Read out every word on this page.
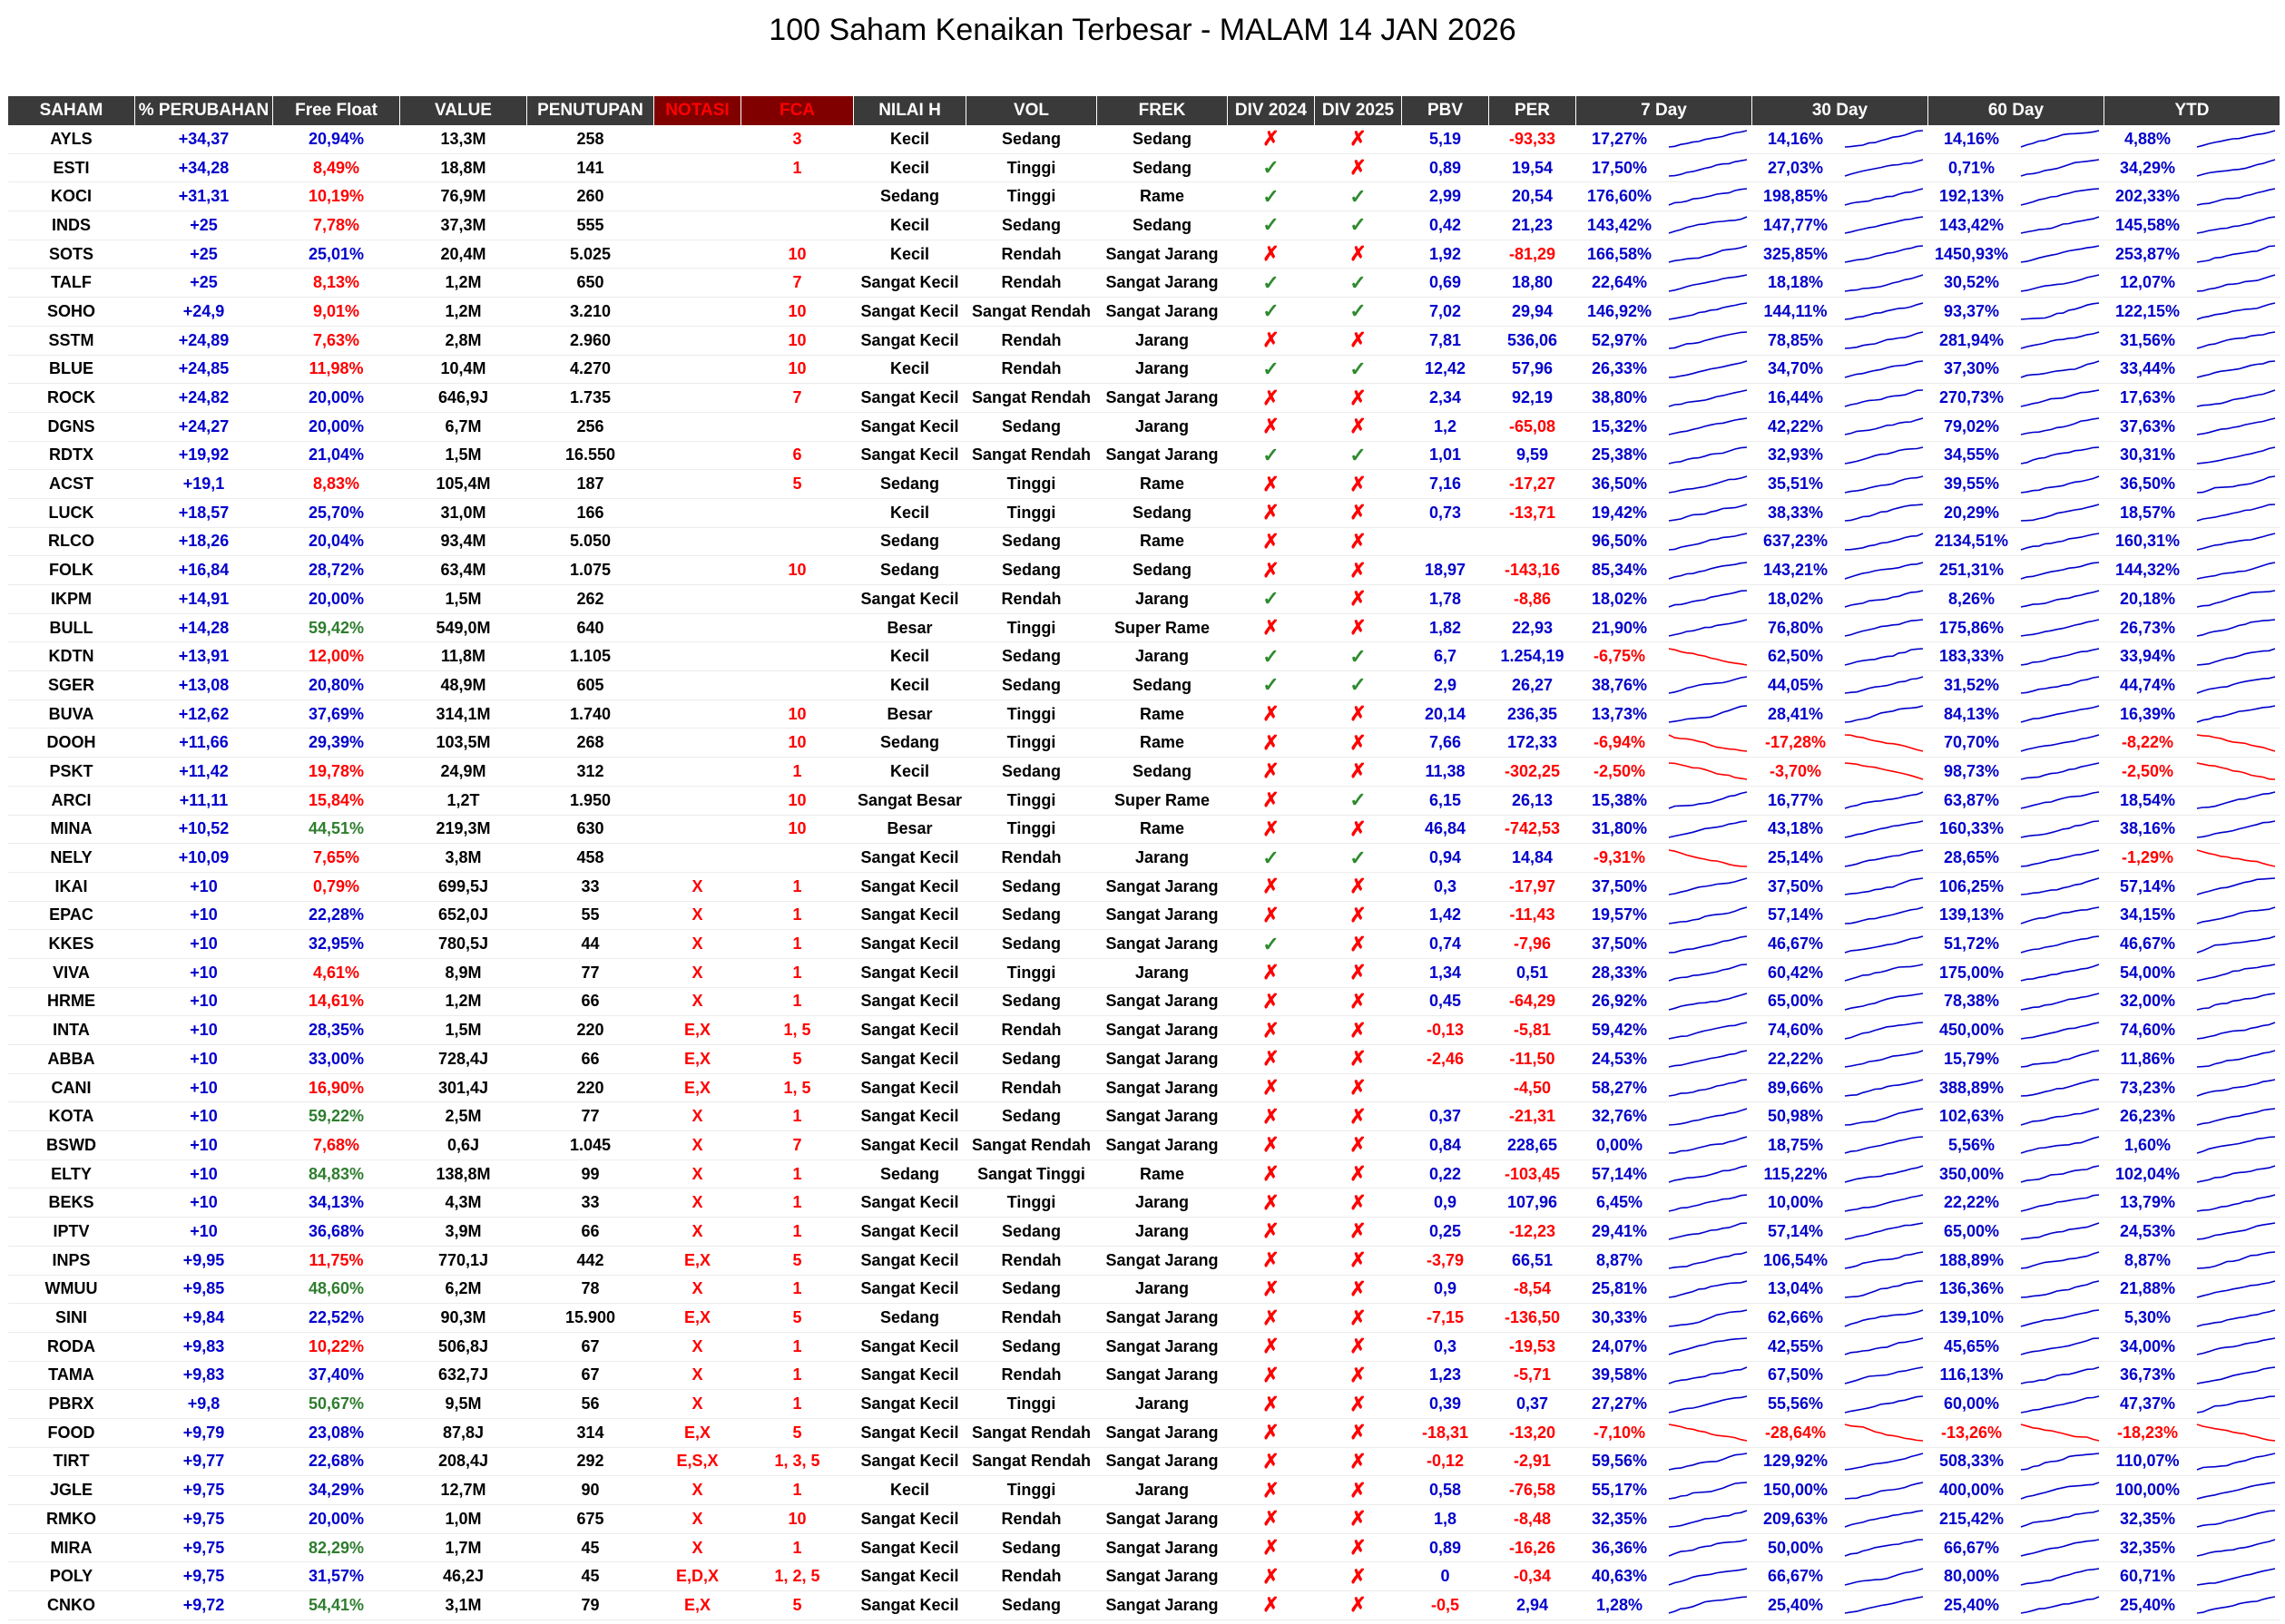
100 Saham Kenaikan Terbesar - MALAM 14 JAN 2026
SAHAM	% PERUBAHAN	Free Float	VALUE	PENUTUPAN	NOTASI	FCA	NILAI H	VOL	FREK	DIV 2024	DIV 2025	PBV	PER	7 Day		30 Day		60 Day		YTD	
AYLS	+34,37	20,94%	13,3M	258		3	Kecil	Sedang	Sedang	✗	✗	5,19	-93,33	17,27%		14,16%		14,16%		4,88%	

ESTI	+34,28	8,49%	18,8M	141		1	Kecil	Tinggi	Sedang	✓	✗	0,89	19,54	17,50%		27,03%		0,71%		34,29%	

KOCI	+31,31	10,19%	76,9M	260			Sedang	Tinggi	Rame	✓	✓	2,99	20,54	176,60%		198,85%		192,13%		202,33%	

INDS	+25	7,78%	37,3M	555			Kecil	Sedang	Sedang	✓	✓	0,42	21,23	143,42%		147,77%		143,42%		145,58%	

SOTS	+25	25,01%	20,4M	5.025		10	Kecil	Rendah	Sangat Jarang	✗	✗	1,92	-81,29	166,58%		325,85%		1450,93%		253,87%	

TALF	+25	8,13%	1,2M	650		7	Sangat Kecil	Rendah	Sangat Jarang	✓	✓	0,69	18,80	22,64%		18,18%		30,52%		12,07%	

SOHO	+24,9	9,01%	1,2M	3.210		10	Sangat Kecil	Sangat Rendah	Sangat Jarang	✓	✓	7,02	29,94	146,92%		144,11%		93,37%		122,15%	

SSTM	+24,89	7,63%	2,8M	2.960		10	Sangat Kecil	Rendah	Jarang	✗	✗	7,81	536,06	52,97%		78,85%		281,94%		31,56%	

BLUE	+24,85	11,98%	10,4M	4.270		10	Kecil	Rendah	Jarang	✓	✓	12,42	57,96	26,33%		34,70%		37,30%		33,44%	

ROCK	+24,82	20,00%	646,9J	1.735		7	Sangat Kecil	Sangat Rendah	Sangat Jarang	✗	✗	2,34	92,19	38,80%		16,44%		270,73%		17,63%	

DGNS	+24,27	20,00%	6,7M	256			Sangat Kecil	Sedang	Jarang	✗	✗	1,2	-65,08	15,32%		42,22%		79,02%		37,63%	

RDTX	+19,92	21,04%	1,5M	16.550		6	Sangat Kecil	Sangat Rendah	Sangat Jarang	✓	✓	1,01	9,59	25,38%		32,93%		34,55%		30,31%	

ACST	+19,1	8,83%	105,4M	187		5	Sedang	Tinggi	Rame	✗	✗	7,16	-17,27	36,50%		35,51%		39,55%		36,50%	

LUCK	+18,57	25,70%	31,0M	166			Kecil	Tinggi	Sedang	✗	✗	0,73	-13,71	19,42%		38,33%		20,29%		18,57%	

RLCO	+18,26	20,04%	93,4M	5.050			Sedang	Sedang	Rame	✗	✗			96,50%		637,23%		2134,51%		160,31%	

FOLK	+16,84	28,72%	63,4M	1.075		10	Sedang	Sedang	Sedang	✗	✗	18,97	-143,16	85,34%		143,21%		251,31%		144,32%	

IKPM	+14,91	20,00%	1,5M	262			Sangat Kecil	Rendah	Jarang	✓	✗	1,78	-8,86	18,02%		18,02%		8,26%		20,18%	

BULL	+14,28	59,42%	549,0M	640			Besar	Tinggi	Super Rame	✗	✗	1,82	22,93	21,90%		76,80%		175,86%		26,73%	

KDTN	+13,91	12,00%	11,8M	1.105			Kecil	Sedang	Jarang	✓	✓	6,7	1.254,19	-6,75%		62,50%		183,33%		33,94%	

SGER	+13,08	20,80%	48,9M	605			Kecil	Sedang	Sedang	✓	✓	2,9	26,27	38,76%		44,05%		31,52%		44,74%	

BUVA	+12,62	37,69%	314,1M	1.740		10	Besar	Tinggi	Rame	✗	✗	20,14	236,35	13,73%		28,41%		84,13%		16,39%	

DOOH	+11,66	29,39%	103,5M	268		10	Sedang	Tinggi	Rame	✗	✗	7,66	172,33	-6,94%		-17,28%		70,70%		-8,22%	

PSKT	+11,42	19,78%	24,9M	312		1	Kecil	Sedang	Sedang	✗	✗	11,38	-302,25	-2,50%		-3,70%		98,73%		-2,50%	

ARCI	+11,11	15,84%	1,2T	1.950		10	Sangat Besar	Tinggi	Super Rame	✗	✓	6,15	26,13	15,38%		16,77%		63,87%		18,54%	

MINA	+10,52	44,51%	219,3M	630		10	Besar	Tinggi	Rame	✗	✗	46,84	-742,53	31,80%		43,18%		160,33%		38,16%	

NELY	+10,09	7,65%	3,8M	458			Sangat Kecil	Rendah	Jarang	✓	✓	0,94	14,84	-9,31%		25,14%		28,65%		-1,29%	

IKAI	+10	0,79%	699,5J	33	X	1	Sangat Kecil	Sedang	Sangat Jarang	✗	✗	0,3	-17,97	37,50%		37,50%		106,25%		57,14%	

EPAC	+10	22,28%	652,0J	55	X	1	Sangat Kecil	Sedang	Sangat Jarang	✗	✗	1,42	-11,43	19,57%		57,14%		139,13%		34,15%	

KKES	+10	32,95%	780,5J	44	X	1	Sangat Kecil	Sedang	Sangat Jarang	✓	✗	0,74	-7,96	37,50%		46,67%		51,72%		46,67%	

VIVA	+10	4,61%	8,9M	77	X	1	Sangat Kecil	Tinggi	Jarang	✗	✗	1,34	0,51	28,33%		60,42%		175,00%		54,00%	

HRME	+10	14,61%	1,2M	66	X	1	Sangat Kecil	Sedang	Sangat Jarang	✗	✗	0,45	-64,29	26,92%		65,00%		78,38%		32,00%	

INTA	+10	28,35%	1,5M	220	E,X	1, 5	Sangat Kecil	Rendah	Sangat Jarang	✗	✗	-0,13	-5,81	59,42%		74,60%		450,00%		74,60%	

ABBA	+10	33,00%	728,4J	66	E,X	5	Sangat Kecil	Sedang	Sangat Jarang	✗	✗	-2,46	-11,50	24,53%		22,22%		15,79%		11,86%	

CANI	+10	16,90%	301,4J	220	E,X	1, 5	Sangat Kecil	Rendah	Sangat Jarang	✗	✗		-4,50	58,27%		89,66%		388,89%		73,23%	

KOTA	+10	59,22%	2,5M	77	X	1	Sangat Kecil	Sedang	Sangat Jarang	✗	✗	0,37	-21,31	32,76%		50,98%		102,63%		26,23%	

BSWD	+10	7,68%	0,6J	1.045	X	7	Sangat Kecil	Sangat Rendah	Sangat Jarang	✗	✗	0,84	228,65	0,00%		18,75%		5,56%		1,60%	

ELTY	+10	84,83%	138,8M	99	X	1	Sedang	Sangat Tinggi	Rame	✗	✗	0,22	-103,45	57,14%		115,22%		350,00%		102,04%	

BEKS	+10	34,13%	4,3M	33	X	1	Sangat Kecil	Tinggi	Jarang	✗	✗	0,9	107,96	6,45%		10,00%		22,22%		13,79%	

IPTV	+10	36,68%	3,9M	66	X	1	Sangat Kecil	Sedang	Jarang	✗	✗	0,25	-12,23	29,41%		57,14%		65,00%		24,53%	

INPS	+9,95	11,75%	770,1J	442	E,X	5	Sangat Kecil	Rendah	Sangat Jarang	✗	✗	-3,79	66,51	8,87%		106,54%		188,89%		8,87%	

WMUU	+9,85	48,60%	6,2M	78	X	1	Sangat Kecil	Sedang	Jarang	✗	✗	0,9	-8,54	25,81%		13,04%		136,36%		21,88%	

SINI	+9,84	22,52%	90,3M	15.900	E,X	5	Sedang	Rendah	Sangat Jarang	✗	✗	-7,15	-136,50	30,33%		62,66%		139,10%		5,30%	

RODA	+9,83	10,22%	506,8J	67	X	1	Sangat Kecil	Sedang	Sangat Jarang	✗	✗	0,3	-19,53	24,07%		42,55%		45,65%		34,00%	

TAMA	+9,83	37,40%	632,7J	67	X	1	Sangat Kecil	Rendah	Sangat Jarang	✗	✗	1,23	-5,71	39,58%		67,50%		116,13%		36,73%	

PBRX	+9,8	50,67%	9,5M	56	X	1	Sangat Kecil	Tinggi	Jarang	✗	✗	0,39	0,37	27,27%		55,56%		60,00%		47,37%	

FOOD	+9,79	23,08%	87,8J	314	E,X	5	Sangat Kecil	Sangat Rendah	Sangat Jarang	✗	✗	-18,31	-13,20	-7,10%		-28,64%		-13,26%		-18,23%	

TIRT	+9,77	22,68%	208,4J	292	E,S,X	1, 3, 5	Sangat Kecil	Sangat Rendah	Sangat Jarang	✗	✗	-0,12	-2,91	59,56%		129,92%		508,33%		110,07%	

JGLE	+9,75	34,29%	12,7M	90	X	1	Kecil	Tinggi	Jarang	✗	✗	0,58	-76,58	55,17%		150,00%		400,00%		100,00%	

RMKO	+9,75	20,00%	1,0M	675	X	10	Sangat Kecil	Rendah	Sangat Jarang	✗	✗	1,8	-8,48	32,35%		209,63%		215,42%		32,35%	

MIRA	+9,75	82,29%	1,7M	45	X	1	Sangat Kecil	Sedang	Sangat Jarang	✗	✗	0,89	-16,26	36,36%		50,00%		66,67%		32,35%	

POLY	+9,75	31,57%	46,2J	45	E,D,X	1, 2, 5	Sangat Kecil	Rendah	Sangat Jarang	✗	✗	0	-0,34	40,63%		66,67%		80,00%		60,71%	

CNKO	+9,72	54,41%	3,1M	79	E,X	5	Sangat Kecil	Sedang	Sangat Jarang	✗	✗	-0,5	2,94	1,28%		25,40%		25,40%		25,40%	
